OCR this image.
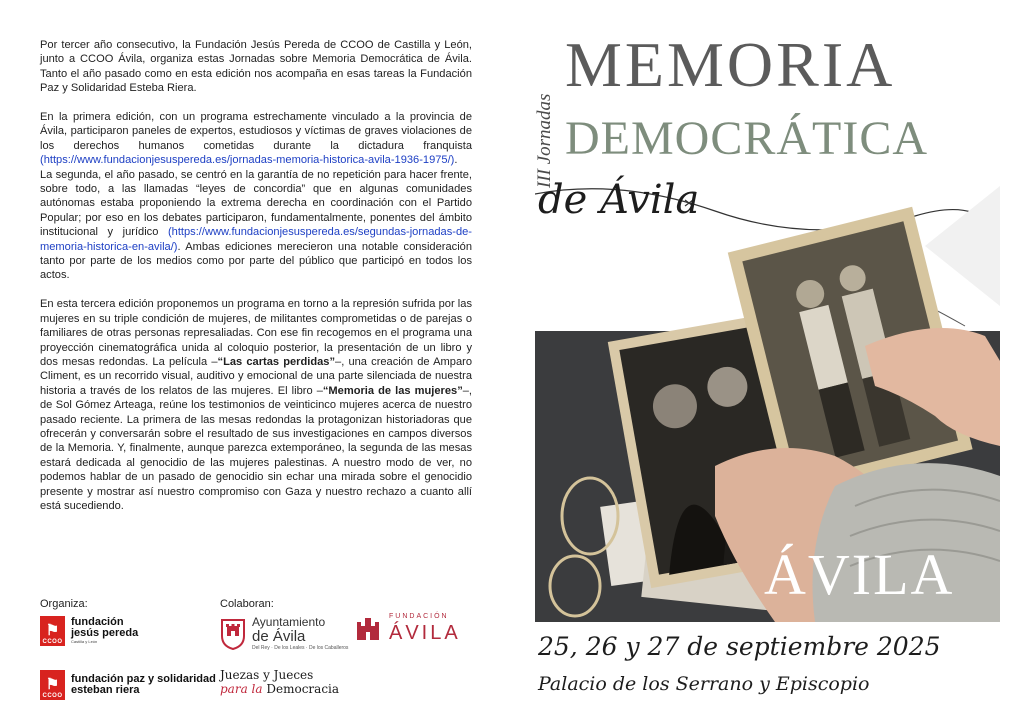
Por tercer año consecutivo, la Fundación Jesús Pereda de CCOO de Castilla y León, junto a CCOO Ávila, organiza estas Jornadas sobre Memoria Democrática de Ávila. Tanto el año pasado como en esta edición nos acompaña en esas tareas la Fundación Paz y Solidaridad Esteba Riera.

En la primera edición, con un programa estrechamente vinculado a la provincia de Ávila, participaron paneles de expertos, estudiosos y víctimas de graves violaciones de los derechos humanos cometidas durante la dictadura franquista (https://www.fundacionjesuspereda.es/jornadas-memoria-historica-avila-1936-1975/). La segunda, el año pasado, se centró en la garantía de no repetición para hacer frente, sobre todo, a las llamadas “leyes de concordia” que en algunas comunidades autónomas estaba proponiendo la extrema derecha en coordinación con el Partido Popular; por eso en los debates participaron, fundamentalmente, ponentes del ámbito institucional y jurídico (https://www.fundacionjesuspereda.es/segundas-jornadas-de-memoria-historica-en-avila/). Ambas ediciones merecieron una notable consideración tanto por parte de los medios como por parte del público que participó en todos los actos.

En esta tercera edición proponemos un programa en torno a la represión sufrida por las mujeres en su triple condición de mujeres, de militantes comprometidas o de parejas o familiares de otras personas represaliadas. Con ese fin recogemos en el programa una proyección cinematográfica unida al coloquio posterior, la presentación de un libro y dos mesas redondas. La película –“Las cartas perdidas”–, una creación de Amparo Climent, es un recorrido visual, auditivo y emocional de una parte silenciada de nuestra historia a través de los relatos de las mujeres. El libro –“Memoria de las mujeres”–, de Sol Gómez Arteaga, reúne los testimonios de veinticinco mujeres acerca de nuestro pasado reciente. La primera de las mesas redondas la protagonizan historiadoras que ofrecerán y conversarán sobre el resultado de sus investigaciones en campos diversos de la Memoria. Y, finalmente, aunque parezca extemporáneo, la segunda de las mesas estará dedicada al genocidio de las mujeres palestinas. A nuestro modo de ver, no podemos hablar de un pasado de genocidio sin echar una mirada sobre el genocidio presente y mostrar así nuestro compromiso con Gaza y nuestro rechazo a cuanto allí está sucediendo.

Organiza:	Colaboran:
⚑
CCOO
fundación
jesús pereda
Castilla y León
⚑
CCOO
fundación paz y solidaridad
esteban riera
Ayuntamiento
de Ávila
Del Rey · De los Leales · De los Caballeros
FUNDACIÓN
ÁVILA
Juezas y Jueces
para la Democracia
III Jornadas
MEMORIA
DEMOCRÁTICA
de Ávila
ÁVILA
25, 26 y 27 de septiembre 2025
Palacio de los Serrano y Episcopio
